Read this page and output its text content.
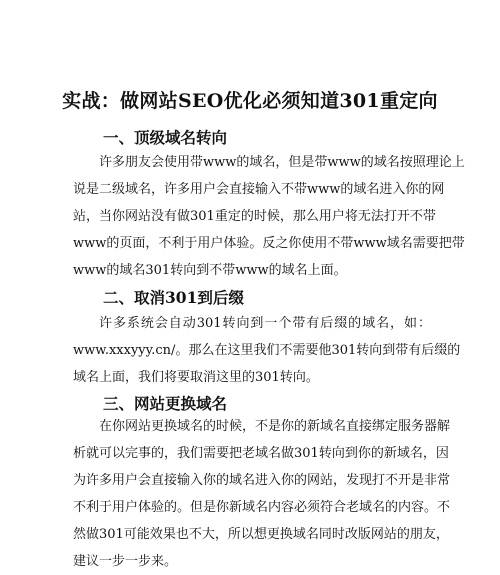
实战：做网站SEO优化必须知道301重定向
一、顶级域名转向
许多朋友会使用带www的域名，但是带www的域名按照理论上
说是二级域名，许多用户会直接输入不带www的域名进入你的网
站，当你网站没有做301重定的时候，那么用户将无法打开不带
www的页面，不利于用户体验。反之你使用不带www域名需要把带
www的域名301转向到不带www的域名上面。
二、取消301到后缀
许多系统会自动301转向到一个带有后缀的域名，如：
www.xxxyyy.cn/。那么在这里我们不需要他301转向到带有后缀的
域名上面，我们将要取消这里的301转向。
三、网站更换域名
在你网站更换域名的时候，不是你的新域名直接绑定服务器解
析就可以完事的，我们需要把老域名做301转向到你的新域名，因
为许多用户会直接输入你的域名进入你的网站，发现打不开是非常
不利于用户体验的。但是你新域名内容必须符合老域名的内容。不
然做301可能效果也不大，所以想更换域名同时改版网站的朋友，
建议一步一步来。
